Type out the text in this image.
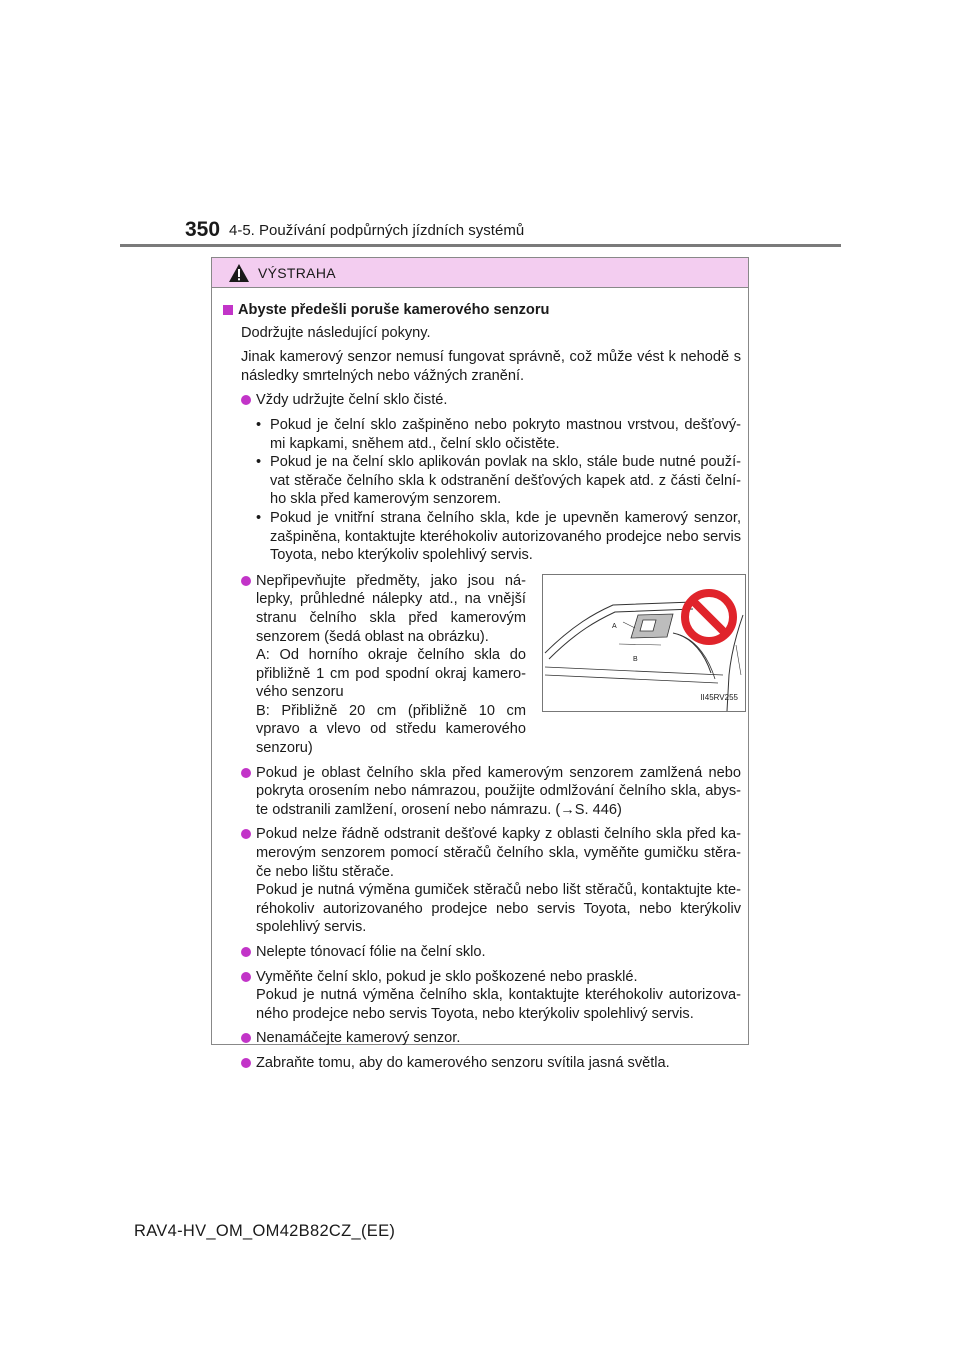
350 4-5. Používání podpůrných jízdních systémů
VÝSTRAHA
Abyste předešli poruše kamerového senzoru
Dodržujte následující pokyny.
Jinak kamerový senzor nemusí fungovat správně, což může vést k nehodě s následky smrtelných nebo vážných zranění.
Vždy udržujte čelní sklo čisté.
• Pokud je čelní sklo zašpiněno nebo pokryto mastnou vrstvou, dešťový-mi kapkami, sněhem atd., čelní sklo očistěte.
• Pokud je na čelní sklo aplikován povlak na sklo, stále bude nutné použí-vat stěrače čelního skla k odstranění dešťových kapek atd. z části čelní-ho skla před kamerovým senzorem.
• Pokud je vnitřní strana čelního skla, kde je upevněn kamerový senzor, zašpiněna, kontaktujte kteréhokoliv autorizovaného prodejce nebo servis Toyota, nebo kterýkoliv spolehlivý servis.
Nepřipevňujte předměty, jako jsou ná-lepky, průhledné nálepky atd., na vnější stranu čelního skla před kamerovým senzorem (šedá oblast na obrázku).
A: Od horního okraje čelního skla do přibližně 1 cm pod spodní okraj kamero-vého senzoru
B: Přibližně 20 cm (přibližně 10 cm vpravo a vlevo od středu kamerového senzoru)
A
B
II45RV255
Pokud je oblast čelního skla před kamerovým senzorem zamlžená nebo pokryta orosením nebo námrazou, použijte odmlžování čelního skla, abys-te odstranili zamlžení, orosení nebo námrazu. (→S. 446)
Pokud nelze řádně odstranit dešťové kapky z oblasti čelního skla před ka-merovým senzorem pomocí stěračů čelního skla, vyměňte gumičku stěra-če nebo lištu stěrače.
Pokud je nutná výměna gumiček stěračů nebo lišt stěračů, kontaktujte kte-réhokoliv autorizovaného prodejce nebo servis Toyota, nebo kterýkoliv spolehlivý servis.
Nelepte tónovací fólie na čelní sklo.
Vyměňte čelní sklo, pokud je sklo poškozené nebo prasklé.
Pokud je nutná výměna čelního skla, kontaktujte kteréhokoliv autorizova-ného prodejce nebo servis Toyota, nebo kterýkoliv spolehlivý servis.
Nenamáčejte kamerový senzor.
Zabraňte tomu, aby do kamerového senzoru svítila jasná světla.
RAV4-HV_OM_OM42B82CZ_(EE)
